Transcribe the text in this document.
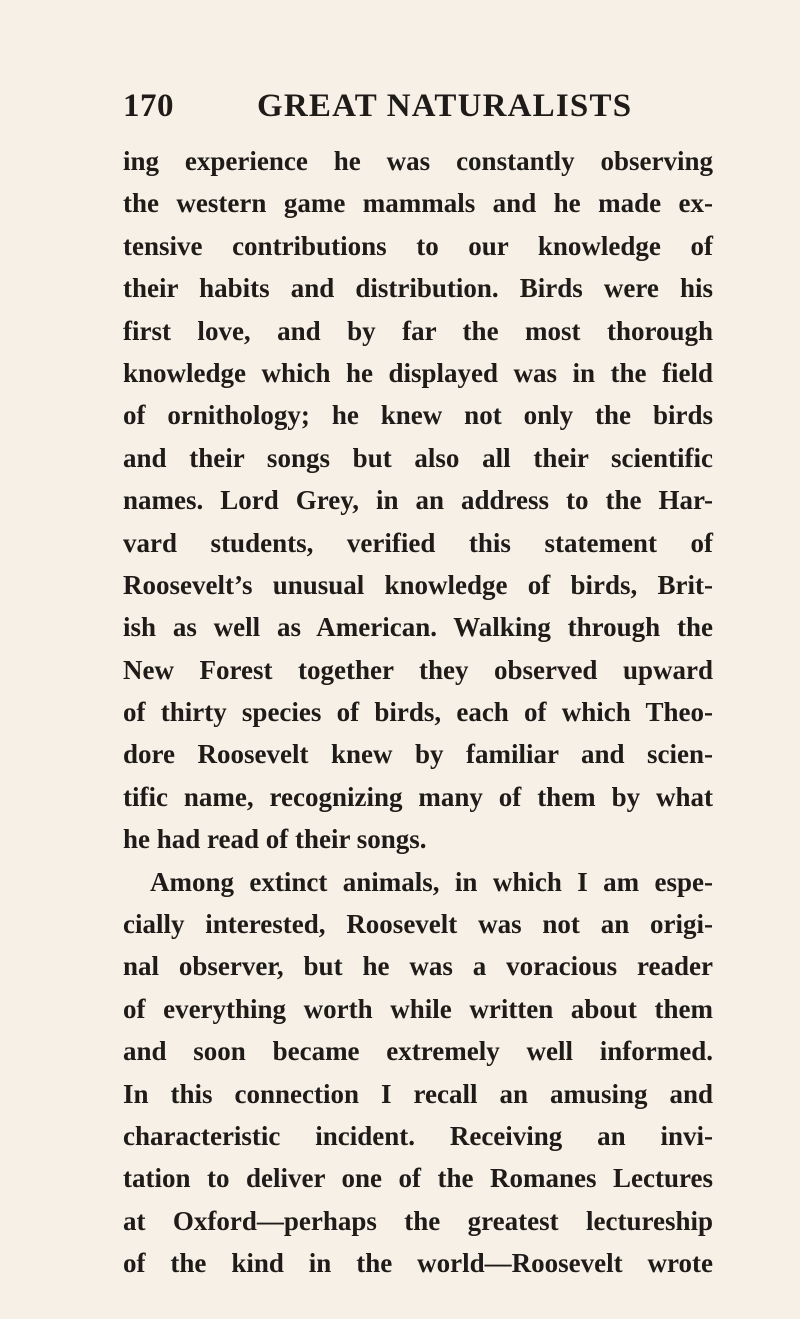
170	GREAT NATURALISTS
ing experience he was constantly observing
the western game mammals and he made ex-
tensive contributions to our knowledge of
their habits and distribution. Birds were his
first love, and by far the most thorough
knowledge which he displayed was in the field
of ornithology; he knew not only the birds
and their songs but also all their scientific
names. Lord Grey, in an address to the Har-
vard students, verified this statement of
Roosevelt’s unusual knowledge of birds, Brit-
ish as well as American. Walking through the
New Forest together they observed upward
of thirty species of birds, each of which Theo-
dore Roosevelt knew by familiar and scien-
tific name, recognizing many of them by what
he had read of their songs.
Among extinct animals, in which I am espe-
cially interested, Roosevelt was not an origi-
nal observer, but he was a voracious reader
of everything worth while written about them
and soon became extremely well informed.
In this connection I recall an amusing and
characteristic incident. Receiving an invi-
tation to deliver one of the Romanes Lectures
at Oxford—perhaps the greatest lectureship
of the kind in the world—Roosevelt wrote
